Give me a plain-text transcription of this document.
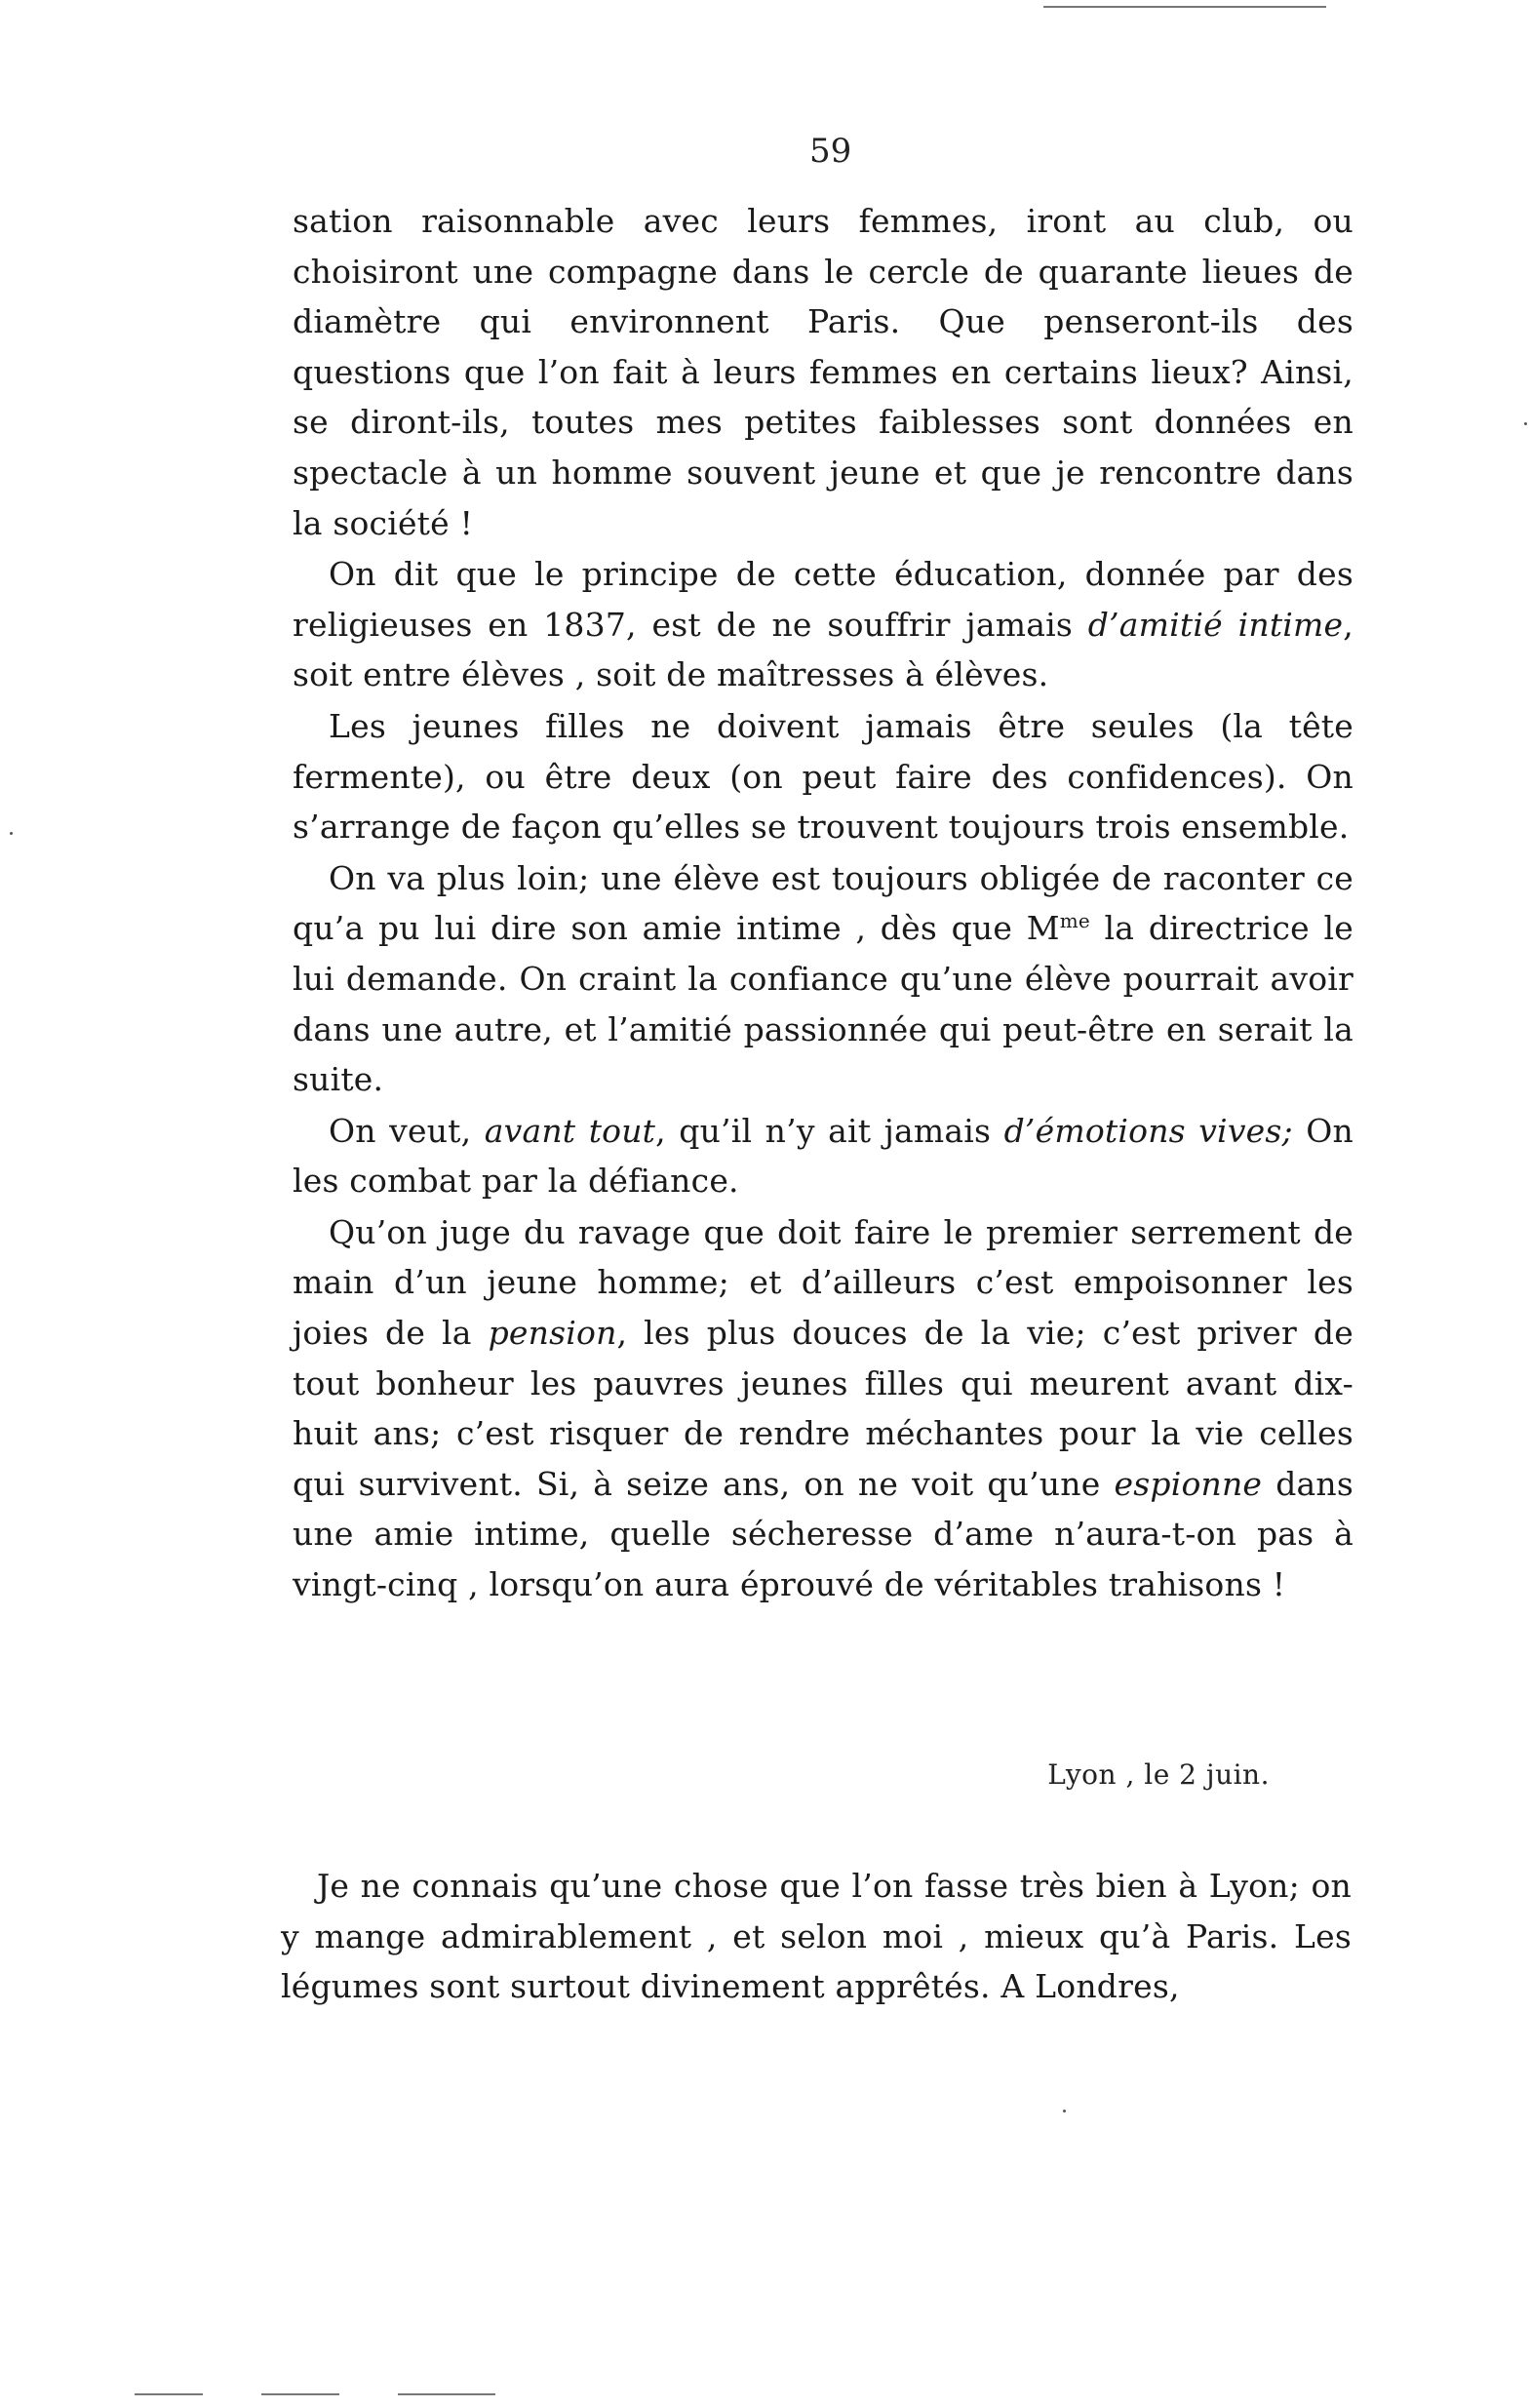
59

sation raisonnable avec leurs femmes, iront au club, ou choisiront une compagne dans le cercle de quarante lieues de diamètre qui environnent Paris. Que penseront-ils des questions que l’on fait à leurs femmes en certains lieux? Ainsi, se diront-ils, toutes mes petites faiblesses sont données en spectacle à un homme souvent jeune et que je rencontre dans la société !

On dit que le principe de cette éducation, donnée par des religieuses en 1837, est de ne souffrir jamais d’amitié intime, soit entre élèves , soit de maîtresses à élèves.

Les jeunes filles ne doivent jamais être seules (la tête fermente), ou être deux (on peut faire des confidences). On s’arrange de façon qu’elles se trouvent toujours trois ensemble.

On va plus loin; une élève est toujours obligée de raconter ce qu’a pu lui dire son amie intime , dès que $M^{me}$ la directrice le lui demande. On craint la confiance qu’une élève pourrait avoir dans une autre, et l’amitié passionnée qui peut-être en serait la suite.

On veut, avant tout, qu’il n’y ait jamais d’émotions vives; On les combat par la défiance.

Qu’on juge du ravage que doit faire le premier serrement de main d’un jeune homme; et d’ailleurs c’est empoisonner les joies de la pension, les plus douces de la vie; c’est priver de tout bonheur les pauvres jeunes filles qui meurent avant dix-huit ans; c’est risquer de rendre méchantes pour la vie celles qui survivent. Si, à seize ans, on ne voit qu’une espionne dans une amie intime, quelle sécheresse d’ame n’aura-t-on pas à vingt-cinq , lorsqu’on aura éprouvé de véritables trahisons !

Lyon , le 2 juin.

Je ne connais qu’une chose que l’on fasse très bien à Lyon; on y mange admirablement , et selon moi , mieux qu’à Paris. Les légumes sont surtout divinement apprêtés. A Londres,
